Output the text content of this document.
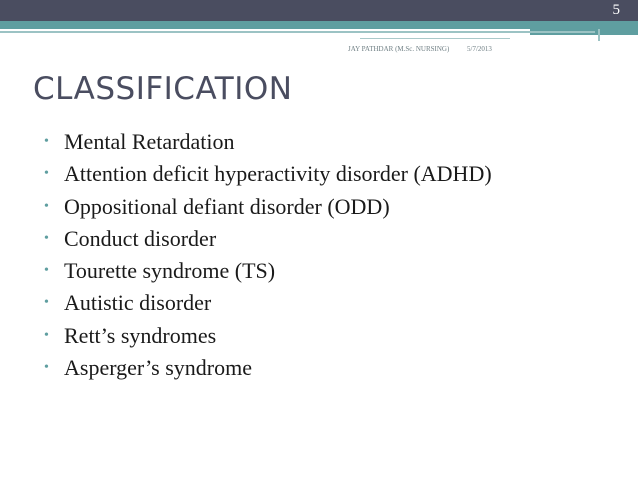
5
JAY PATHDAR (M.Sc. NURSING)	5/7/2013
CLASSIFICATION
• Mental Retardation
• Attention deficit hyperactivity disorder (ADHD)
• Oppositional defiant disorder (ODD)
• Conduct disorder
• Tourette syndrome (TS)
• Autistic disorder
• Rett’s syndromes
• Asperger’s syndrome
